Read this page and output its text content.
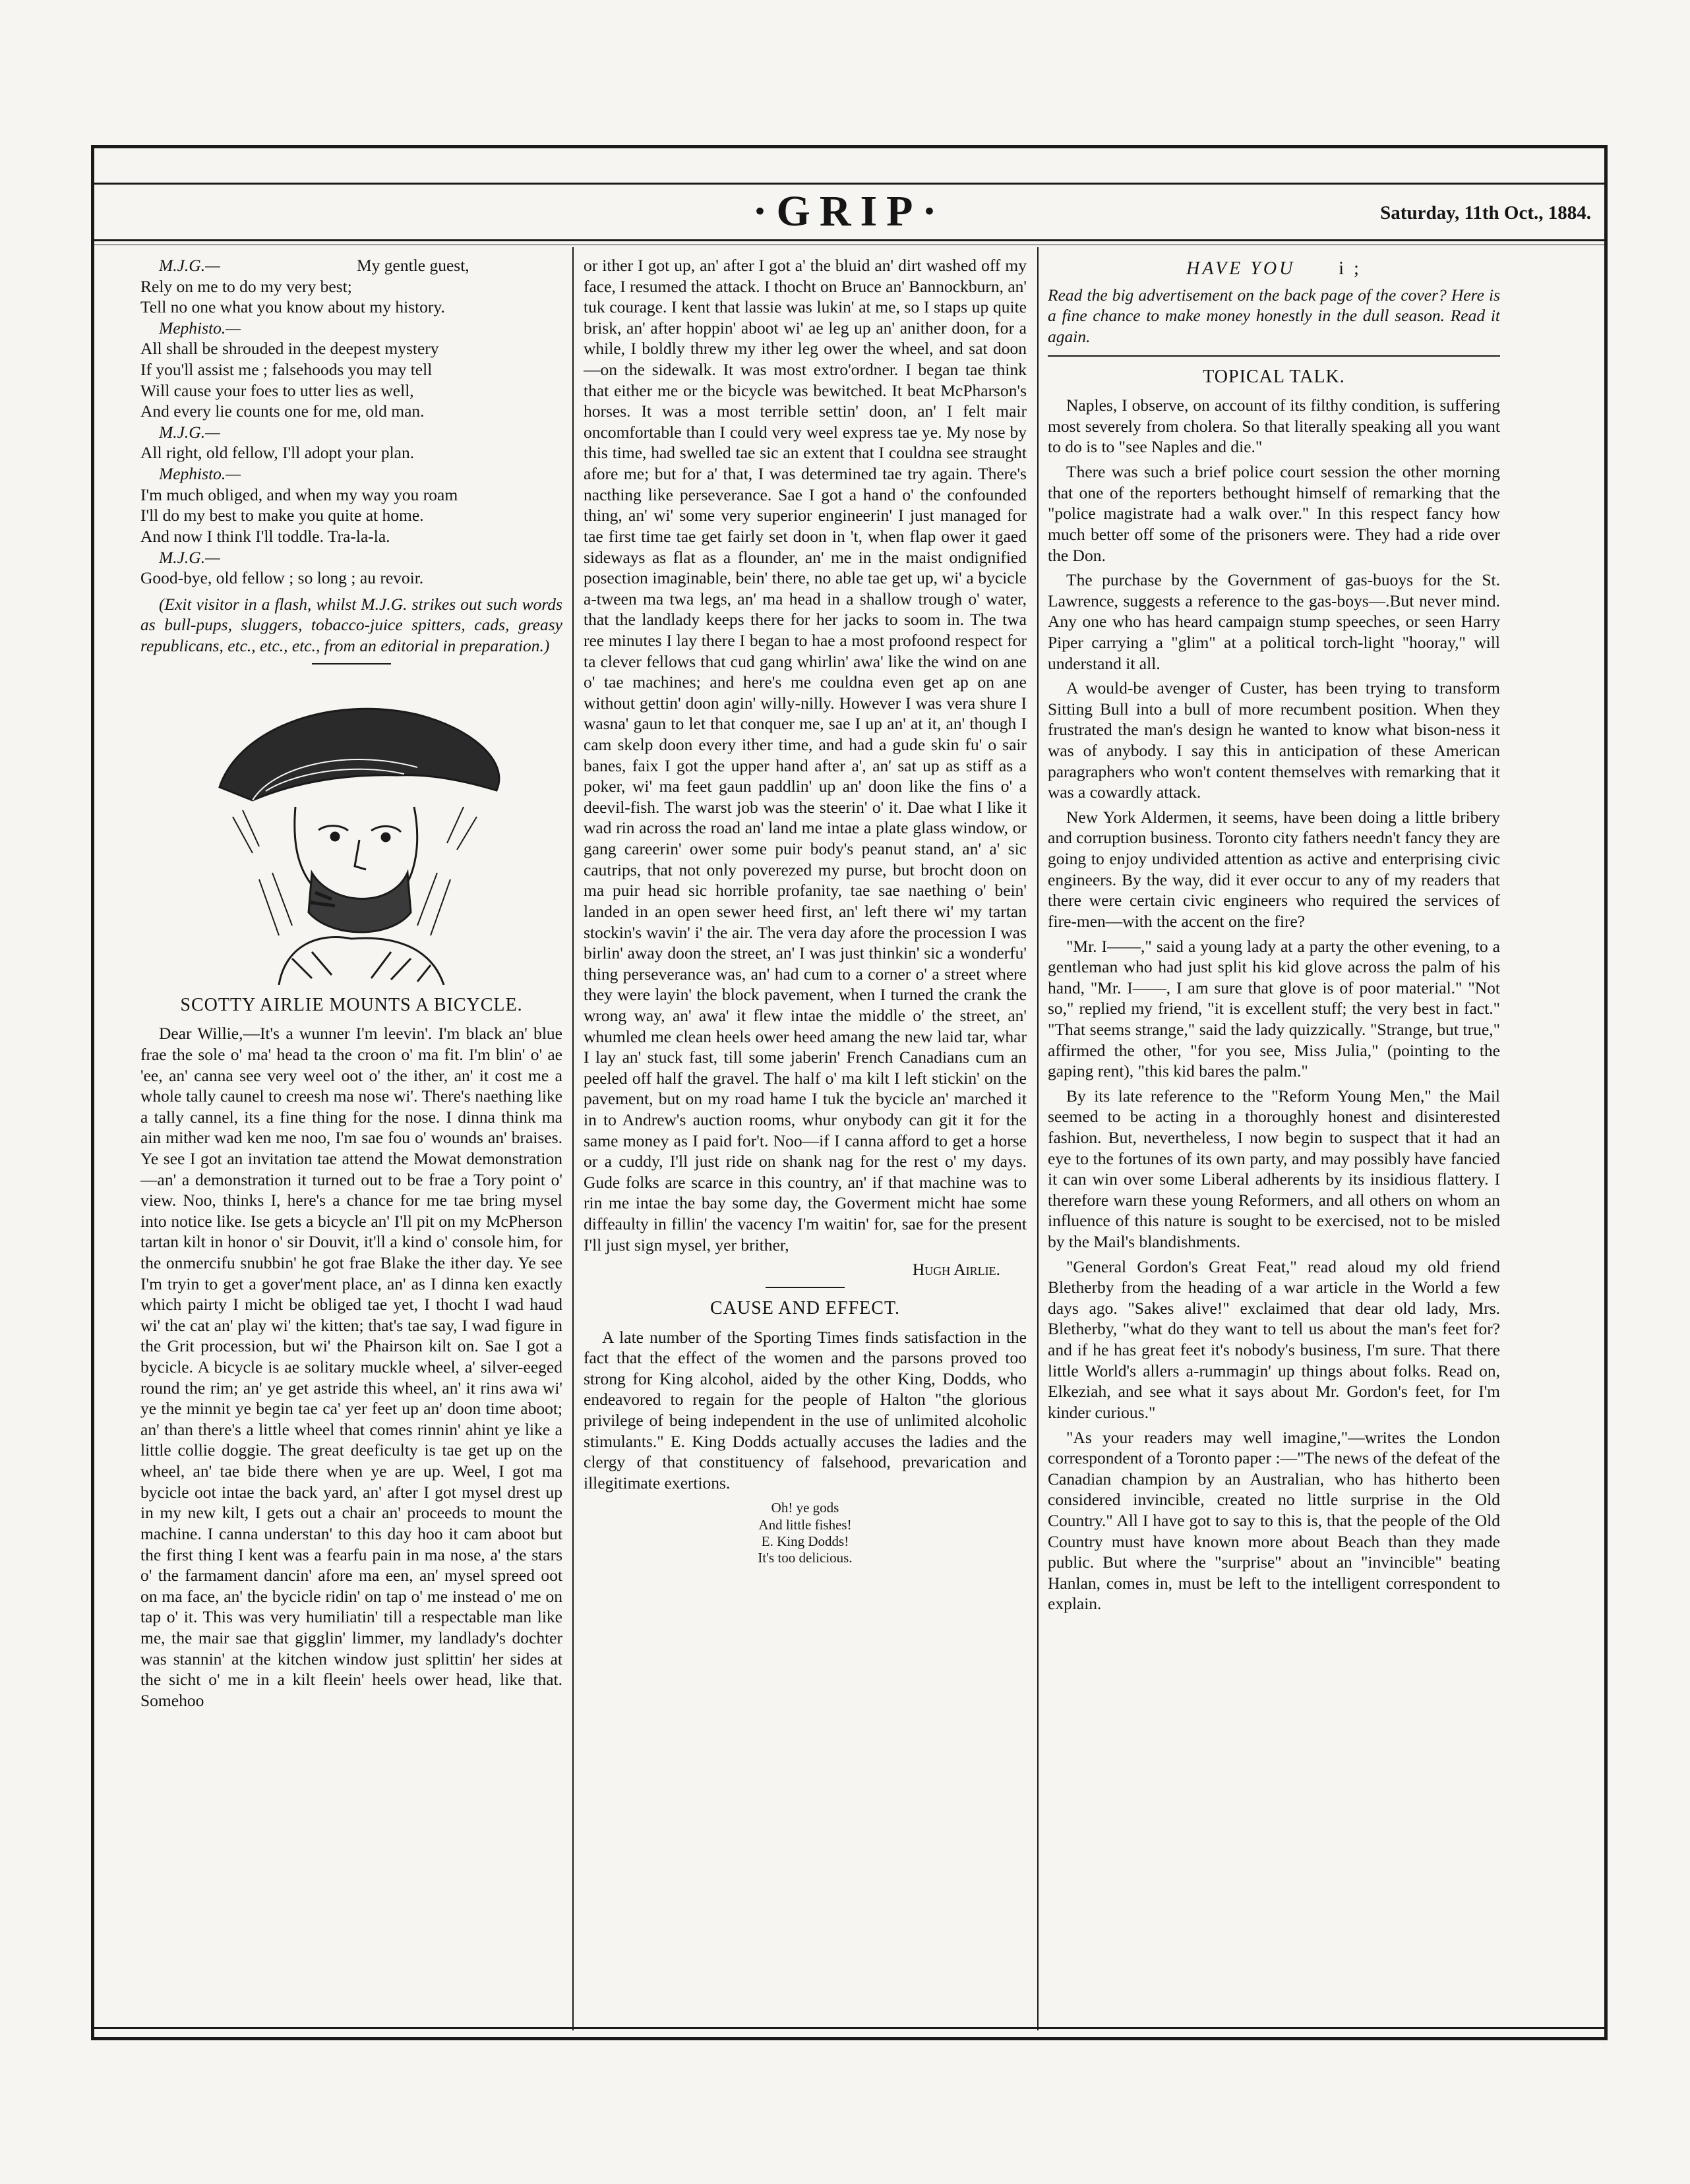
·GRIP·	Saturday, 11th Oct., 1884.
M.J.G.—	My gentle guest,

Rely on me to do my very best;

Tell no one what you know about my history.

Mephisto.—

All shall be shrouded in the deepest mystery

If you'll assist me ; falsehoods you may tell

Will cause your foes to utter lies as well,

And every lie counts one for me, old man.

M.J.G.—

All right, old fellow, I'll adopt your plan.

Mephisto.—

I'm much obliged, and when my way you roam

I'll do my best to make you quite at home.

And now I think I'll toddle. Tra-la-la.

M.J.G.—

Good-bye, old fellow ; so long ; au revoir.

(Exit visitor in a flash, whilst M.J.G. strikes out such words as bull-pups, sluggers, tobacco-juice spitters, cads, greasy republicans, etc., etc., etc., from an editorial in preparation.)

SCOTTY AIRLIE MOUNTS A BICYCLE.

Dear Willie,—It's a wunner I'm leevin'. I'm black an' blue frae the sole o' ma' head ta the croon o' ma fit. I'm blin' o' ae 'ee, an' canna see very weel oot o' the ither, an' it cost me a whole tally caunel to creesh ma nose wi'. There's naething like a tally cannel, its a fine thing for the nose. I dinna think ma ain mither wad ken me noo, I'm sae fou o' wounds an' braises. Ye see I got an invitation tae attend the Mowat demonstration—an' a demonstration it turned out to be frae a Tory point o' view. Noo, thinks I, here's a chance for me tae bring mysel into notice like. Ise gets a bicycle an' I'll pit on my McPherson tartan kilt in honor o' sir Douvit, it'll a kind o' console him, for the onmercifu snubbin' he got frae Blake the ither day. Ye see I'm tryin to get a gover'ment place, an' as I dinna ken exactly which pairty I micht be obliged tae yet, I thocht I wad haud wi' the cat an' play wi' the kitten; that's tae say, I wad figure in the Grit procession, but wi' the Phairson kilt on. Sae I got a bycicle. A bicycle is ae solitary muckle wheel, a' silver-eeged round the rim; an' ye get astride this wheel, an' it rins awa wi' ye the minnit ye begin tae ca' yer feet up an' doon time aboot; an' than there's a little wheel that comes rinnin' ahint ye like a little collie doggie. The great deeficulty is tae get up on the wheel, an' tae bide there when ye are up. Weel, I got ma bycicle oot intae the back yard, an' after I got mysel drest up in my new kilt, I gets out a chair an' proceeds to mount the machine. I canna understan' to this day hoo it cam aboot but the first thing I kent was a fearfu pain in ma nose, a' the stars o' the farmament dancin' afore ma een, an' mysel spreed oot on ma face, an' the bycicle ridin' on tap o' me instead o' me on tap o' it. This was very humiliatin' till a respectable man like me, the mair sae that gigglin' limmer, my landlady's dochter was stannin' at the kitchen window just splittin' her sides at the sicht o' me in a kilt fleein' heels ower head, like that. Somehoo

or ither I got up, an' after I got a' the bluid an' dirt washed off my face, I resumed the attack. I thocht on Bruce an' Bannockburn, an' tuk courage. I kent that lassie was lukin' at me, so I staps up quite brisk, an' after hoppin' aboot wi' ae leg up an' anither doon, for a while, I boldly threw my ither leg ower the wheel, and sat doon—on the sidewalk. It was most extro'ordner. I began tae think that either me or the bicycle was bewitched. It beat McPharson's horses. It was a most terrible settin' doon, an' I felt mair oncomfortable than I could very weel express tae ye. My nose by this time, had swelled tae sic an extent that I couldna see straught afore me; but for a' that, I was determined tae try again. There's nacthing like perseverance. Sae I got a hand o' the confounded thing, an' wi' some very superior engineerin' I just managed for tae first time tae get fairly set doon in 't, when flap ower it gaed sideways as flat as a flounder, an' me in the maist ondignified posection imaginable, bein' there, no able tae get up, wi' a bycicle a-tween ma twa legs, an' ma head in a shallow trough o' water, that the landlady keeps there for her jacks to soom in. The twa ree minutes I lay there I began to hae a most profoond respect for ta clever fellows that cud gang whirlin' awa' like the wind on ane o' tae machines; and here's me couldna even get ap on ane without gettin' doon agin' willy-nilly. However I was vera shure I wasna' gaun to let that conquer me, sae I up an' at it, an' though I cam skelp doon every ither time, and had a gude skin fu' o sair banes, faix I got the upper hand after a', an' sat up as stiff as a poker, wi' ma feet gaun paddlin' up an' doon like the fins o' a deevil-fish. The warst job was the steerin' o' it. Dae what I like it wad rin across the road an' land me intae a plate glass window, or gang careerin' ower some puir body's peanut stand, an' a' sic cautrips, that not only poverezed my purse, but brocht doon on ma puir head sic horrible profanity, tae sae naething o' bein' landed in an open sewer heed first, an' left there wi' my tartan stockin's wavin' i' the air. The vera day afore the procession I was birlin' away doon the street, an' I was just thinkin' sic a wonderfu' thing perseverance was, an' had cum to a corner o' a street where they were layin' the block pavement, when I turned the crank the wrong way, an' awa' it flew intae the middle o' the street, an' whumled me clean heels ower heed amang the new laid tar, whar I lay an' stuck fast, till some jaberin' French Canadians cum an peeled off half the gravel. The half o' ma kilt I left stickin' on the pavement, but on my road hame I tuk the bycicle an' marched it in to Andrew's auction rooms, whur onybody can git it for the same money as I paid for't. Noo—if I canna afford to get a horse or a cuddy, I'll just ride on shank nag for the rest o' my days. Gude folks are scarce in this country, an' if that machine was to rin me intae the bay some day, the Goverment micht hae some diffeaulty in fillin' the vacency I'm waitin' for, sae for the present I'll just sign mysel, yer brither,

Hugh Airlie.

CAUSE AND EFFECT.

A late number of the Sporting Times finds satisfaction in the fact that the effect of the women and the parsons proved too strong for King alcohol, aided by the other King, Dodds, who endeavored to regain for the people of Halton "the glorious privilege of being independent in the use of unlimited alcoholic stimulants." E. King Dodds actually accuses the ladies and the clergy of that constituency of falsehood, prevarication and illegitimate exertions.

Oh! ye gods

And little fishes!

E. King Dodds!

It's too delicious.

HAVE YOU i ;

Read the big advertisement on the back page of the cover? Here is a fine chance to make money honestly in the dull season. Read it again.

TOPICAL TALK.

Naples, I observe, on account of its filthy condition, is suffering most severely from cholera. So that literally speaking all you want to do is to "see Naples and die."

There was such a brief police court session the other morning that one of the reporters bethought himself of remarking that the "police magistrate had a walk over." In this respect fancy how much better off some of the prisoners were. They had a ride over the Don.

The purchase by the Government of gas-buoys for the St. Lawrence, suggests a reference to the gas-boys—.But never mind. Any one who has heard campaign stump speeches, or seen Harry Piper carrying a "glim" at a political torch-light "hooray," will understand it all.

A would-be avenger of Custer, has been trying to transform Sitting Bull into a bull of more recumbent position. When they frustrated the man's design he wanted to know what bison-ness it was of anybody. I say this in anticipation of these American paragraphers who won't content themselves with remarking that it was a cowardly attack.

New York Aldermen, it seems, have been doing a little bribery and corruption business. Toronto city fathers needn't fancy they are going to enjoy undivided attention as active and enterprising civic engineers. By the way, did it ever occur to any of my readers that there were certain civic engineers who required the services of fire-men—with the accent on the fire?

"Mr. I——," said a young lady at a party the other evening, to a gentleman who had just split his kid glove across the palm of his hand, "Mr. I——, I am sure that glove is of poor material." "Not so," replied my friend, "it is excellent stuff; the very best in fact." "That seems strange," said the lady quizzically. "Strange, but true," affirmed the other, "for you see, Miss Julia," (pointing to the gaping rent), "this kid bares the palm."

By its late reference to the "Reform Young Men," the Mail seemed to be acting in a thoroughly honest and disinterested fashion. But, nevertheless, I now begin to suspect that it had an eye to the fortunes of its own party, and may possibly have fancied it can win over some Liberal adherents by its insidious flattery. I therefore warn these young Reformers, and all others on whom an influence of this nature is sought to be exercised, not to be misled by the Mail's blandishments.

"General Gordon's Great Feat," read aloud my old friend Bletherby from the heading of a war article in the World a few days ago. "Sakes alive!" exclaimed that dear old lady, Mrs. Bletherby, "what do they want to tell us about the man's feet for? and if he has great feet it's nobody's business, I'm sure. That there little World's allers a-rummagin' up things about folks. Read on, Elkeziah, and see what it says about Mr. Gordon's feet, for I'm kinder curious."

"As your readers may well imagine,"—writes the London correspondent of a Toronto paper :—"The news of the defeat of the Canadian champion by an Australian, who has hitherto been considered invincible, created no little surprise in the Old Country." All I have got to say to this is, that the people of the Old Country must have known more about Beach than they made public. But where the "surprise" about an "invincible" beating Hanlan, comes in, must be left to the intelligent correspondent to explain.
